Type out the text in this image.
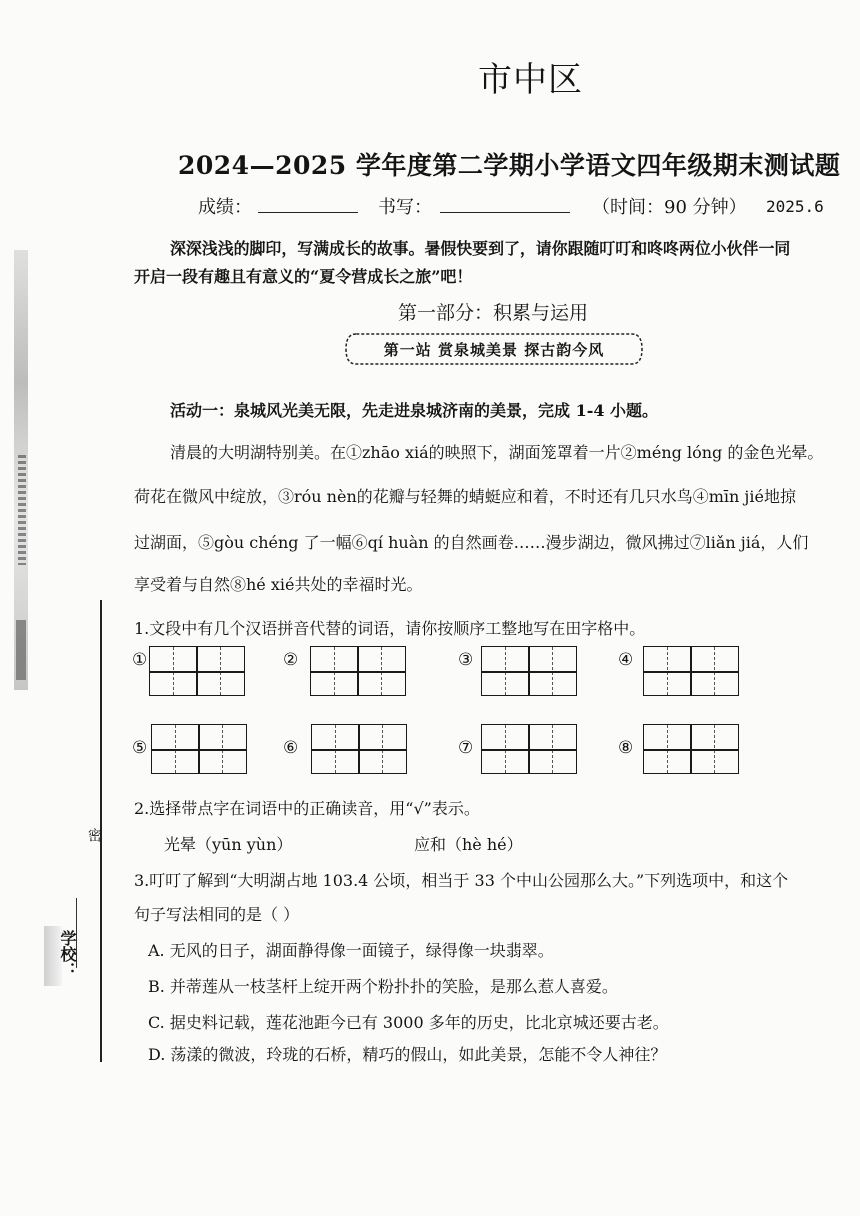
密
学校：
市中区
2024—2025 学年度第二学期小学语文四年级期末测试题
成绩：	书写：	（时间：90 分钟） 2025.6
深深浅浅的脚印，写满成长的故事。暑假快要到了，请你跟随叮叮和咚咚两位小伙伴一同
开启一段有趣且有意义的“夏令营成长之旅”吧！
第一部分：积累与运用
第一站 赏泉城美景 探古韵今风
活动一：泉城风光美无限，先走进泉城济南的美景，完成 1-4 小题。
清晨的大明湖特别美。在①zhāo xiá的映照下，湖面笼罩着一片②méng lóng 的金色光晕。
荷花在微风中绽放，③róu nèn的花瓣与轻舞的蜻蜓应和着，不时还有几只水鸟④mīn jié地掠
过湖面，⑤gòu chéng 了一幅⑥qí huàn 的自然画卷……漫步湖边，微风拂过⑦liǎn jiá，人们
享受着与自然⑧hé xié共处的幸福时光。
1.文段中有几个汉语拼音代替的词语，请你按顺序工整地写在田字格中。
①	②	③	④
⑤	⑥	⑦	⑧
2.选择带点字在词语中的正确读音，用“√”表示。
光晕（yūn yùn）	应和（hè hé）
3.叮叮了解到“大明湖占地 103.4 公顷，相当于 33 个中山公园那么大。”下列选项中，和这个
句子写法相同的是（ ）
A. 无风的日子，湖面静得像一面镜子，绿得像一块翡翠。
B. 并蒂莲从一枝茎杆上绽开两个粉扑扑的笑脸，是那么惹人喜爱。
C. 据史料记载，莲花池距今已有 3000 多年的历史，比北京城还要古老。
D. 荡漾的微波，玲珑的石桥，精巧的假山，如此美景，怎能不令人神往？
